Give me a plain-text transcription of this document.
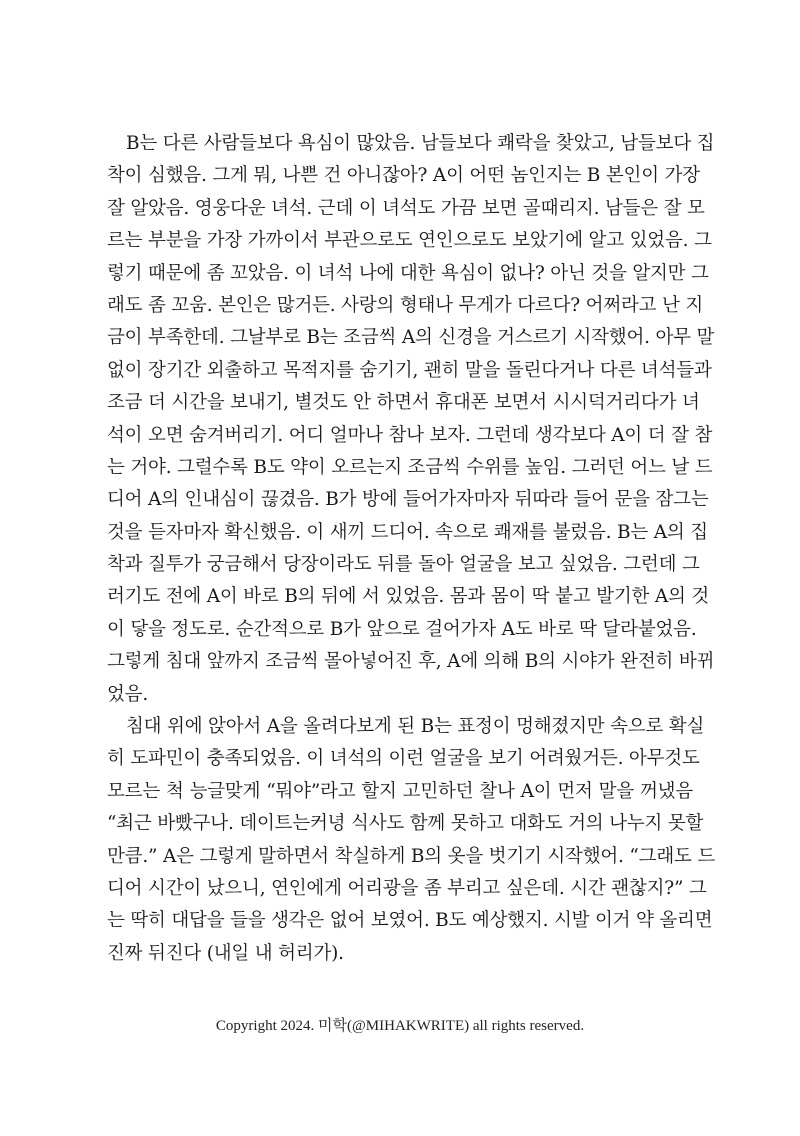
B는 다른 사람들보다 욕심이 많았음. 남들보다 쾌락을 찾았고, 남들보다 집
착이 심했음. 그게 뭐, 나쁜 건 아니잖아? A이 어떤 놈인지는 B 본인이 가장
잘 알았음. 영웅다운 녀석. 근데 이 녀석도 가끔 보면 골때리지. 남들은 잘 모
르는 부분을 가장 가까이서 부관으로도 연인으로도 보았기에 알고 있었음. 그
렇기 때문에 좀 꼬았음. 이 녀석 나에 대한 욕심이 없나? 아닌 것을 알지만 그
래도 좀 꼬움. 본인은 많거든. 사랑의 형태나 무게가 다르다? 어쩌라고 난 지
금이 부족한데. 그날부로 B는 조금씩 A의 신경을 거스르기 시작했어. 아무 말
없이 장기간 외출하고 목적지를 숨기기, 괜히 말을 돌린다거나 다른 녀석들과
조금 더 시간을 보내기, 별것도 안 하면서 휴대폰 보면서 시시덕거리다가 녀
석이 오면 숨겨버리기. 어디 얼마나 참나 보자. 그런데 생각보다 A이 더 잘 참
는 거야. 그럴수록 B도 약이 오르는지 조금씩 수위를 높임. 그러던 어느 날 드
디어 A의 인내심이 끊겼음. B가 방에 들어가자마자 뒤따라 들어 문을 잠그는
것을 듣자마자 확신했음. 이 새끼 드디어. 속으로 쾌재를 불렀음. B는 A의 집
착과 질투가 궁금해서 당장이라도 뒤를 돌아 얼굴을 보고 싶었음. 그런데 그
러기도 전에 A이 바로 B의 뒤에 서 있었음. 몸과 몸이 딱 붙고 발기한 A의 것
이 닿을 정도로. 순간적으로 B가 앞으로 걸어가자 A도 바로 딱 달라붙었음.
그렇게 침대 앞까지 조금씩 몰아넣어진 후, A에 의해 B의 시야가 완전히 바뀌
었음.
침대 위에 앉아서 A을 올려다보게 된 B는 표정이 멍해졌지만 속으로 확실
히 도파민이 충족되었음. 이 녀석의 이런 얼굴을 보기 어려웠거든. 아무것도
모르는 척 능글맞게 “뭐야”라고 할지 고민하던 찰나 A이 먼저 말을 꺼냈음
“최근 바빴구나. 데이트는커녕 식사도 함께 못하고 대화도 거의 나누지 못할
만큼.” A은 그렇게 말하면서 착실하게 B의 옷을 벗기기 시작했어. “그래도 드
디어 시간이 났으니, 연인에게 어리광을 좀 부리고 싶은데. 시간 괜찮지?” 그
는 딱히 대답을 들을 생각은 없어 보였어. B도 예상했지. 시발 이거 약 올리면
진짜 뒤진다 (내일 내 허리가).
Copyright 2024. 미학(@MIHAKWRITE) all rights reserved.
